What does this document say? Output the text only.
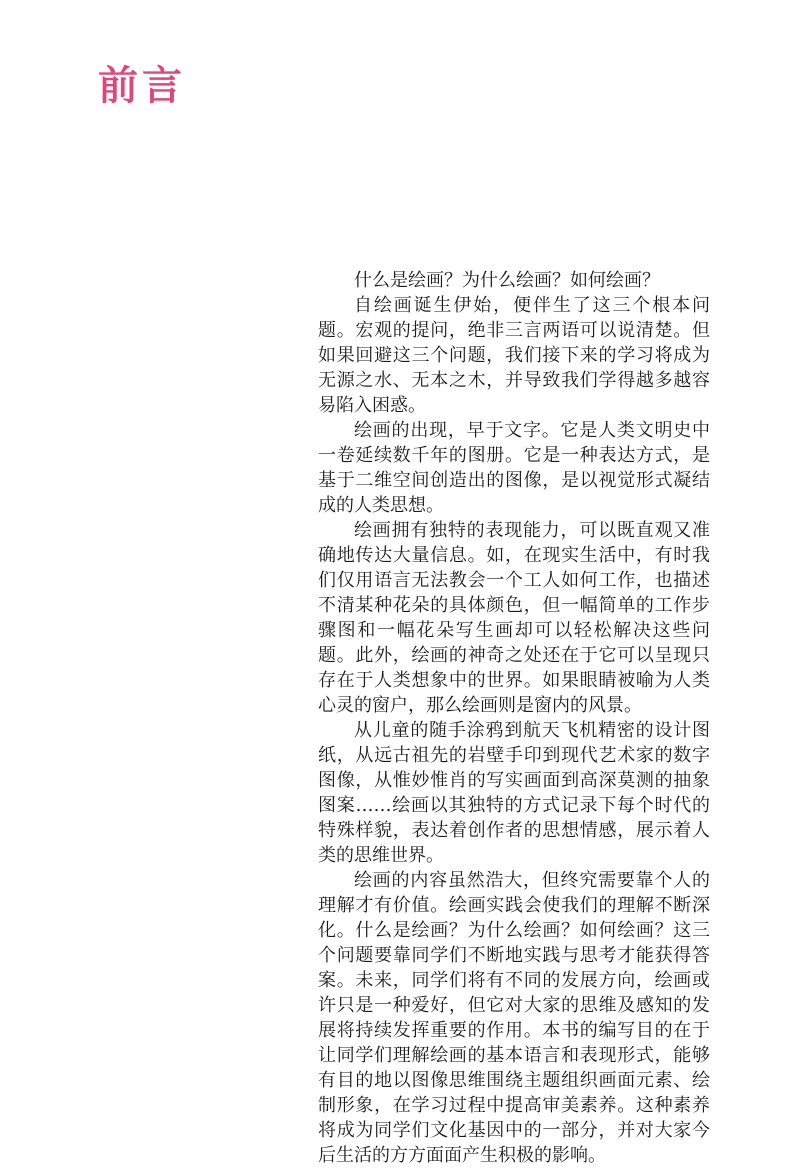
前言

什么是绘画？为什么绘画？如何绘画？

自绘画诞生伊始，便伴生了这三个根本问题。宏观的提问，绝非三言两语可以说清楚。但如果回避这三个问题，我们接下来的学习将成为无源之水、无本之木，并导致我们学得越多越容易陷入困惑。

绘画的出现，早于文字。它是人类文明史中一卷延续数千年的图册。它是一种表达方式，是基于二维空间创造出的图像，是以视觉形式凝结成的人类思想。

绘画拥有独特的表现能力，可以既直观又准确地传达大量信息。如，在现实生活中，有时我们仅用语言无法教会一个工人如何工作，也描述不清某种花朵的具体颜色，但一幅简单的工作步骤图和一幅花朵写生画却可以轻松解决这些问题。此外，绘画的神奇之处还在于它可以呈现只存在于人类想象中的世界。如果眼睛被喻为人类心灵的窗户，那么绘画则是窗内的风景。

从儿童的随手涂鸦到航天飞机精密的设计图纸，从远古祖先的岩壁手印到现代艺术家的数字图像，从惟妙惟肖的写实画面到高深莫测的抽象图案……绘画以其独特的方式记录下每个时代的特殊样貌，表达着创作者的思想情感，展示着人类的思维世界。

绘画的内容虽然浩大，但终究需要靠个人的理解才有价值。绘画实践会使我们的理解不断深化。什么是绘画？为什么绘画？如何绘画？这三个问题要靠同学们不断地实践与思考才能获得答案。未来，同学们将有不同的发展方向，绘画或许只是一种爱好，但它对大家的思维及感知的发展将持续发挥重要的作用。本书的编写目的在于让同学们理解绘画的基本语言和表现形式，能够有目的地以图像思维围绕主题组织画面元素、绘制形象，在学习过程中提高审美素养。这种素养将成为同学们文化基因中的一部分，并对大家今后生活的方方面面产生积极的影响。
